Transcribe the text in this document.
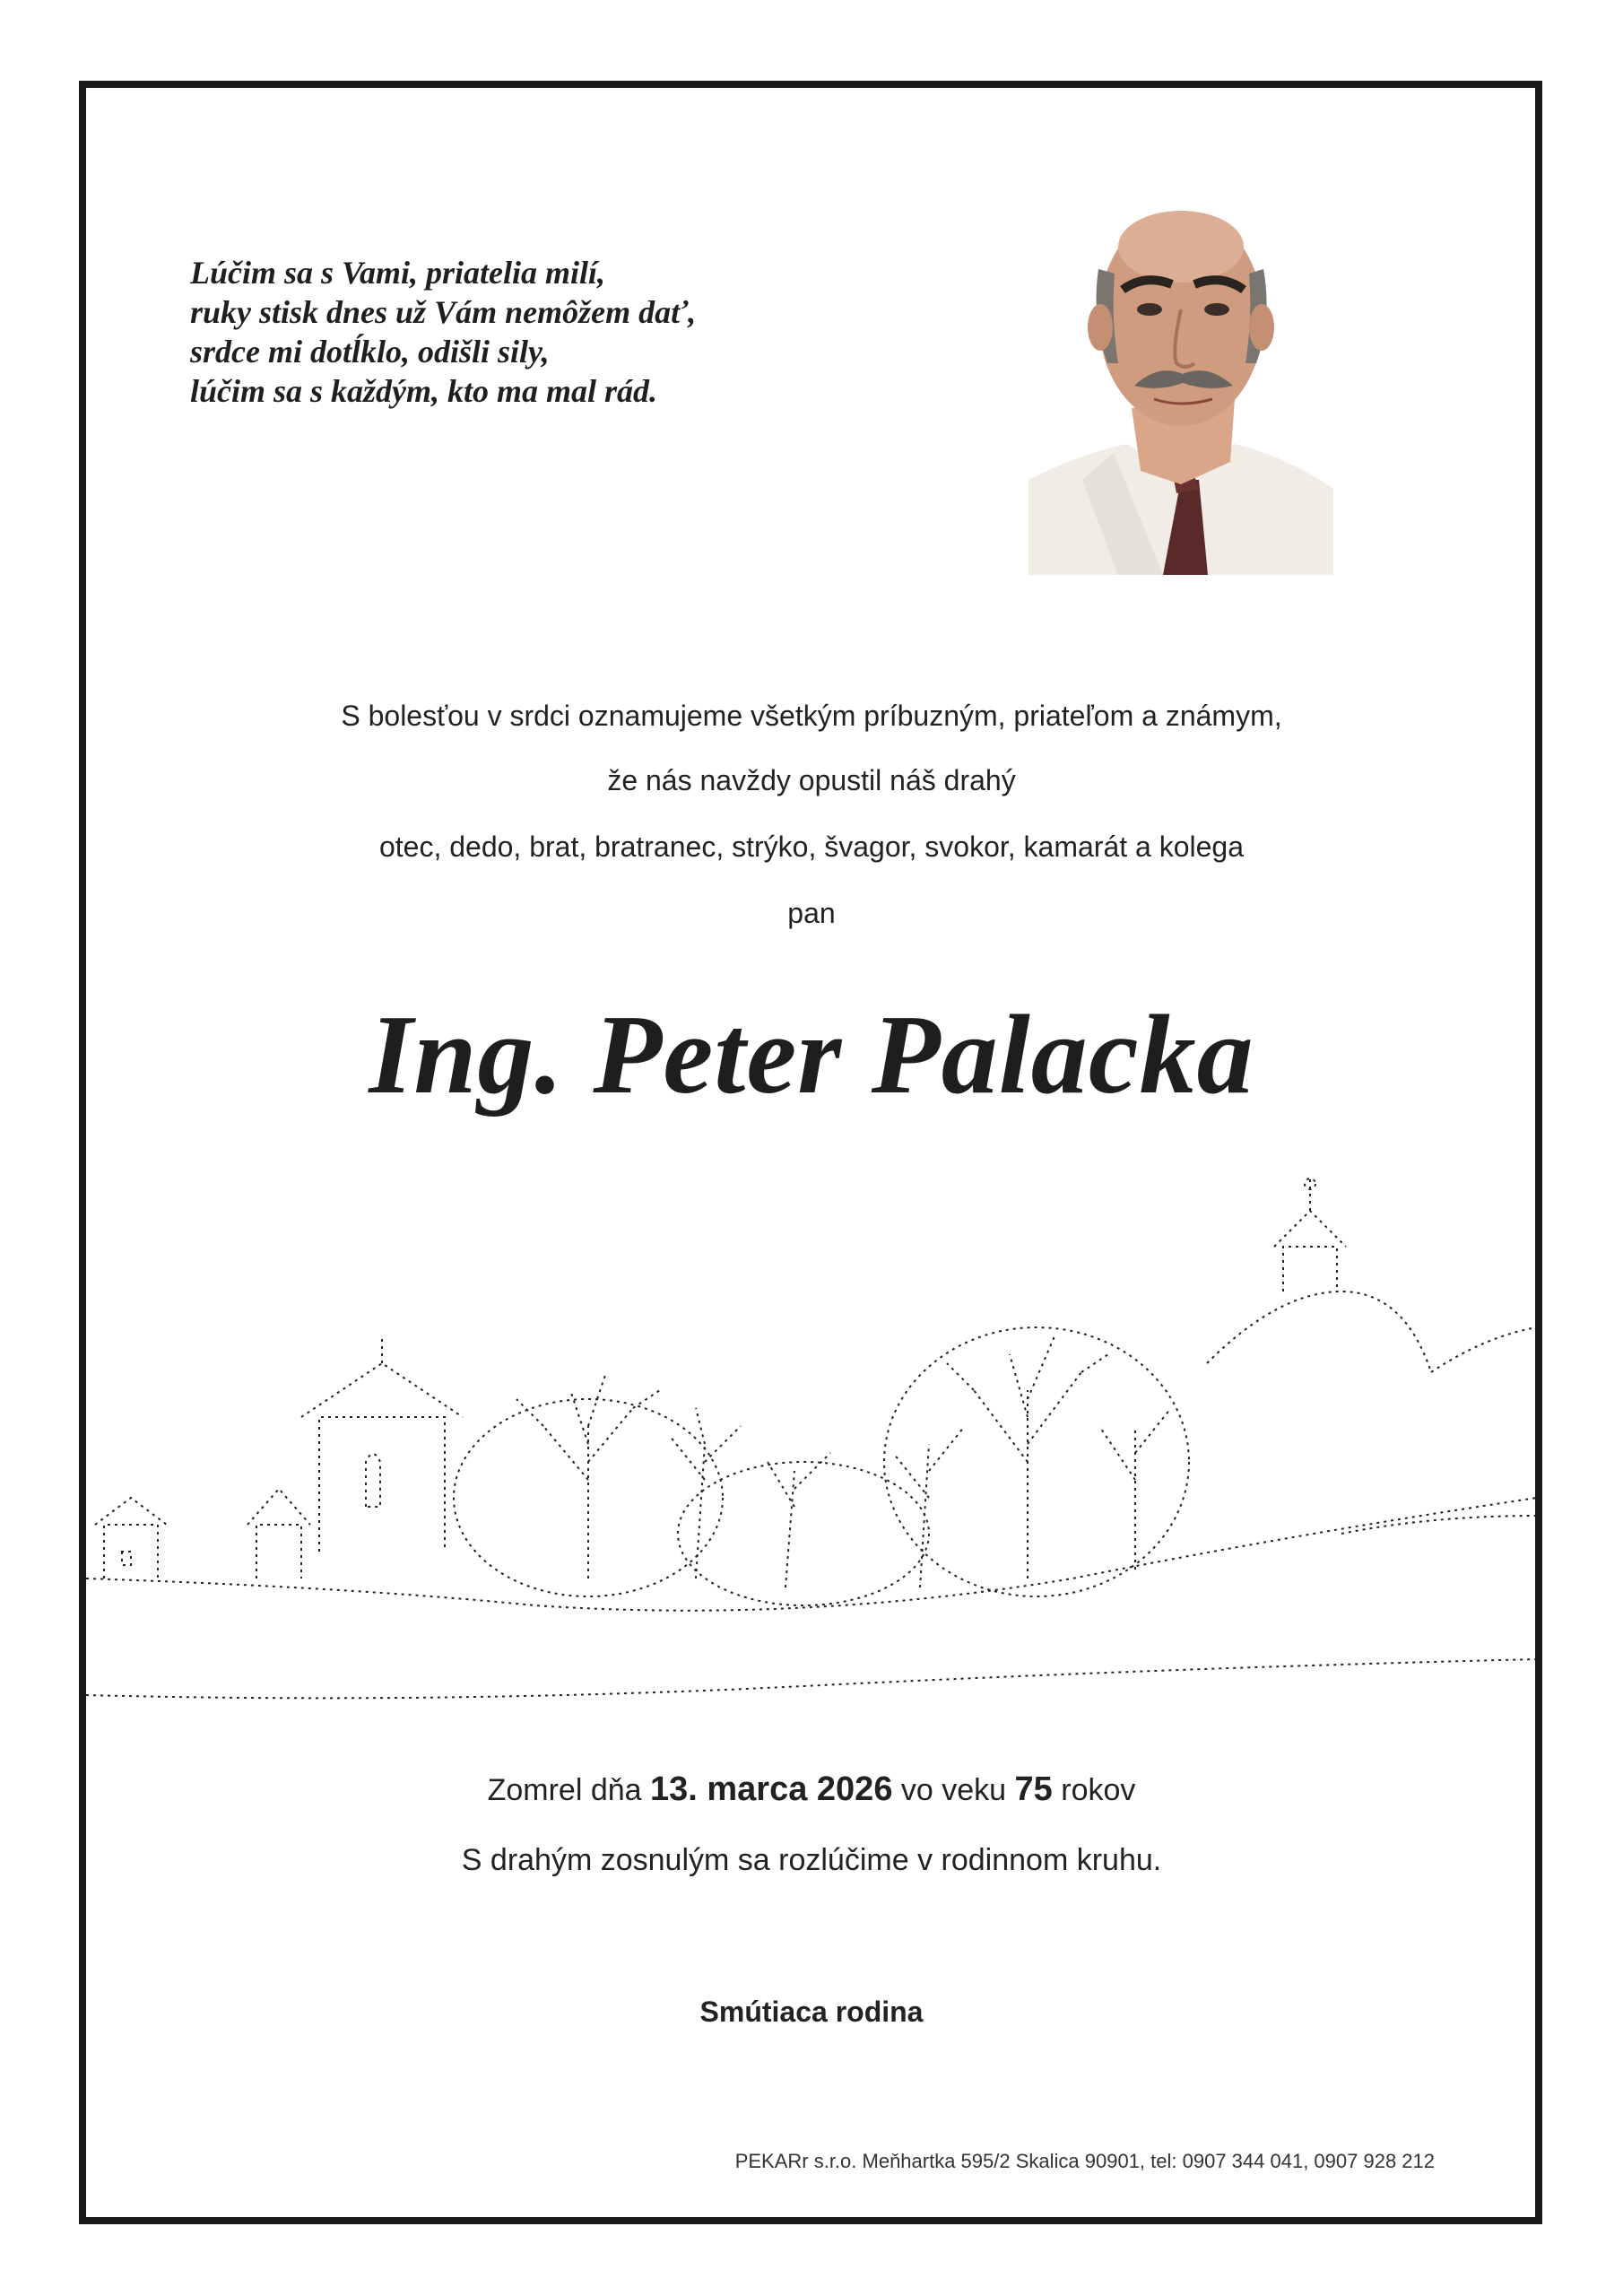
Lúčim sa s Vami, priatelia milí,
ruky stisk dnes už Vám nemôžem dať,
srdce mi dotĺklo, odišli sily,
lúčim sa s každým, kto ma mal rád.
S bolesťou v srdci oznamujeme všetkým príbuzným, priateľom a známym,
že nás navždy opustil náš drahý
otec, dedo, brat, bratranec, strýko, švagor, svokor, kamarát a kolega
pan
Ing. Peter Palacka
Zomrel dňa 13. marca 2026 vo veku 75 rokov
S drahým zosnulým sa rozlúčime v rodinnom kruhu.
Smútiaca rodina
PEKARr s.r.o. Meňhartka 595/2 Skalica 90901, tel: 0907 344 041, 0907 928 212
